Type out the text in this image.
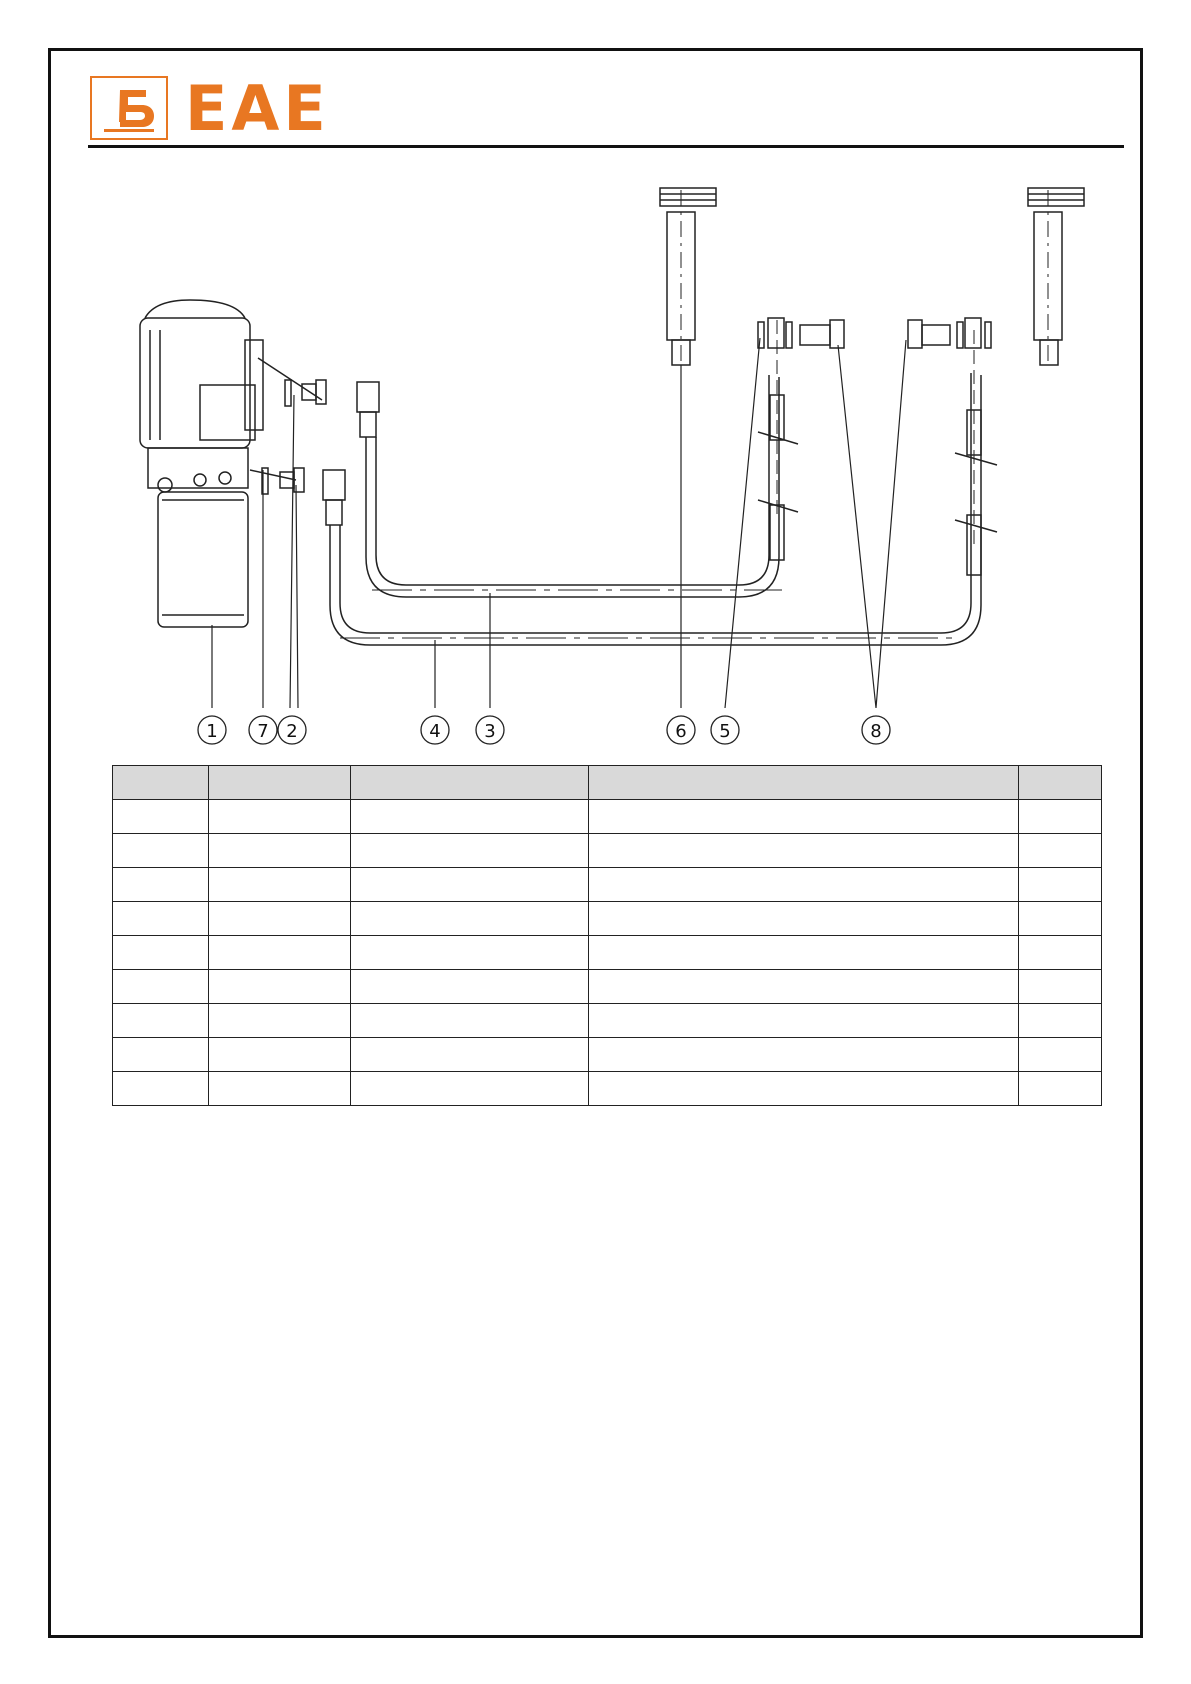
EAE
1 7 2	4 3	6 5	8
